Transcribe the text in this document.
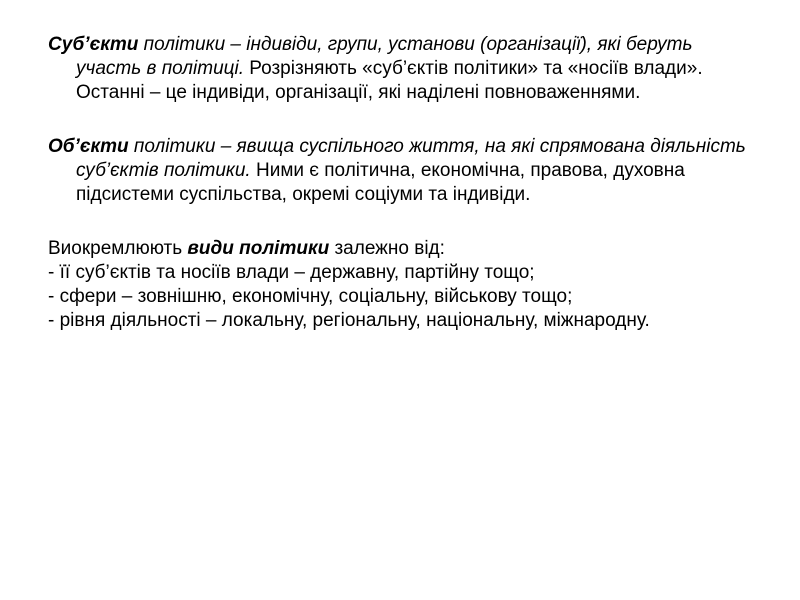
Суб’єкти політики – індивіди, групи, установи (організації), які беруть участь в політиці. Розрізняють «суб’єктів політики» та «носіїв влади». Останні – це індивіди, організації, які наділені повноваженнями.

Об’єкти політики – явища суспільного життя, на які спрямована діяльність суб’єктів політики. Ними є політична, економічна, правова, духовна підсистеми суспільства, окремі соціуми та індивіди.

Виокремлюють види політики залежно від:

- її суб’єктів та носіїв влади – державну, партійну тощо;

- сфери – зовнішню, економічну, соціальну, військову тощо;

- рівня діяльності – локальну, регіональну, національну, міжнародну.
